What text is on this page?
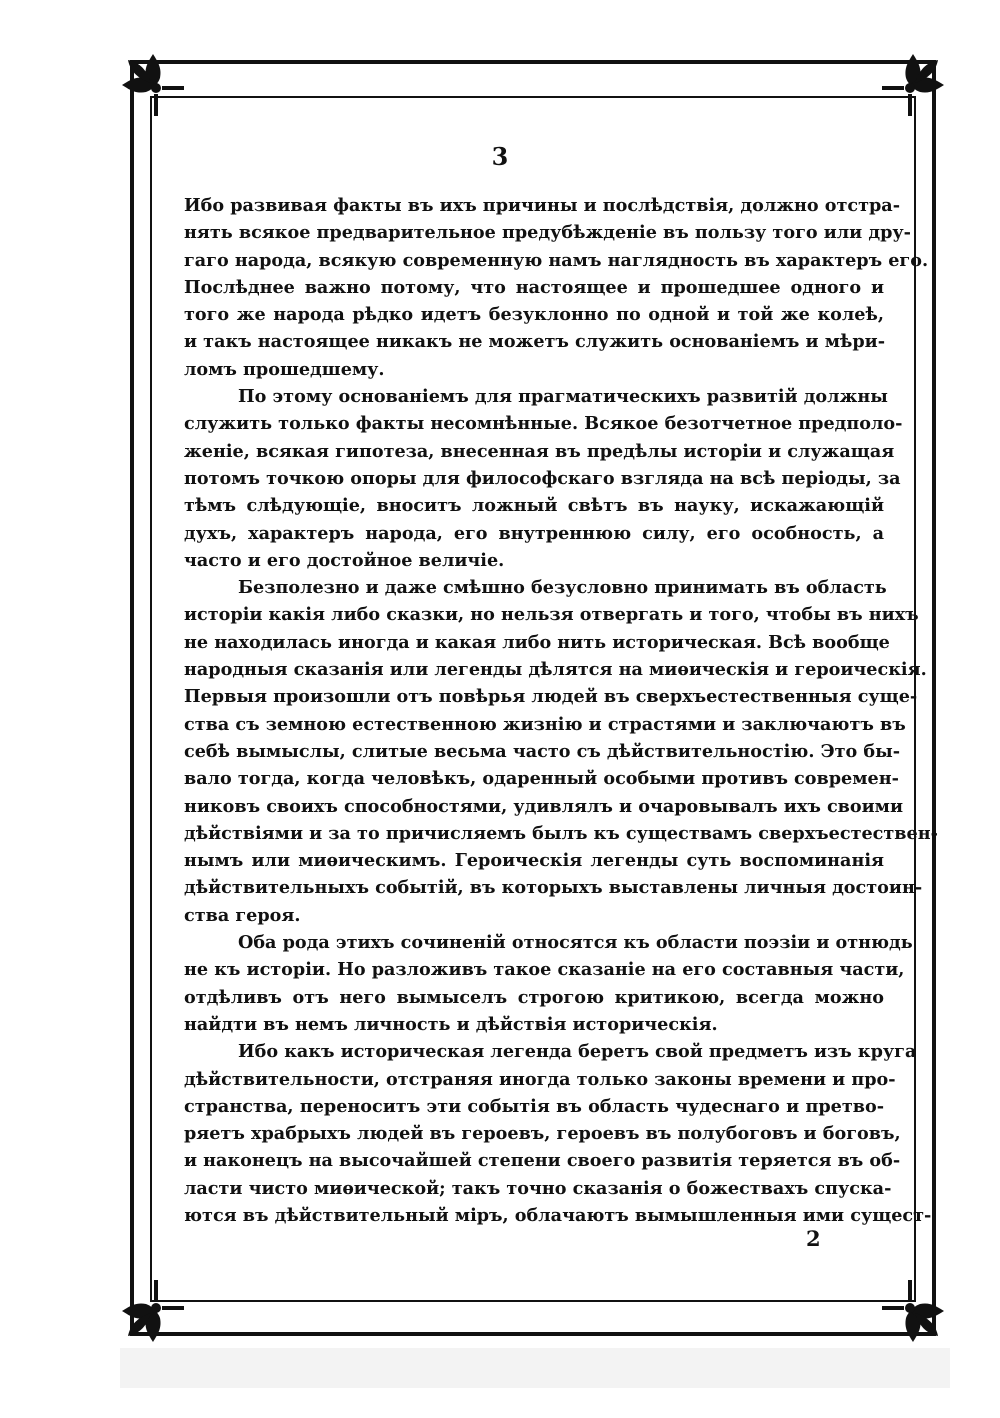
3
Ибо развивая факты въ ихъ причины и послѣдствія, должно отстра-
нять всякое предварительное предубѣжденіе въ пользу того или дру-
гаго народа, всякую современную намъ наглядность въ характеръ его.
Послѣднее важно потому, что настоящее и прошедшее одного и
того же народа рѣдко идетъ безуклонно по одной и той же колеѣ,
и такъ настоящее никакъ не можетъ служить основаніемъ и мѣри-
ломъ прошедшему.
По этому основаніемъ для прагматическихъ развитій должны
служить только факты несомнѣнные. Всякое безотчетное предполо-
женіе, всякая гипотеза, внесенная въ предѣлы исторіи и служащая
потомъ точкою опоры для философскаго взгляда на всѣ періоды, за
тѣмъ слѣдующіе, вноситъ ложный свѣтъ въ науку, искажающій
духъ, характеръ народа, его внутреннюю силу, его особность, а
часто и его достойное величіе.
Безполезно и даже смѣшно безусловно принимать въ область
исторіи какія либо сказки, но нельзя отвергать и того, чтобы въ нихъ
не находилась иногда и какая либо нить историческая. Всѣ вообще
народныя сказанія или легенды дѣлятся на миѳическія и героическія.
Первыя произошли отъ повѣрья людей въ сверхъестественныя суще-
ства съ земною естественною жизнію и страстями и заключаютъ въ
себѣ вымыслы, слитые весьма часто съ дѣйствительностію. Это бы-
вало тогда, когда человѣкъ, одаренный особыми противъ современ-
никовъ своихъ способностями, удивлялъ и очаровывалъ ихъ своими
дѣйствіями и за то причисляемъ былъ къ существамъ сверхъестествен-
нымъ или миѳическимъ. Героическія легенды суть воспоминанія
дѣйствительныхъ событій, въ которыхъ выставлены личныя достоин-
ства героя.
Оба рода этихъ сочиненій относятся къ области поэзіи и отнюдь
не къ исторіи. Но разложивъ такое сказаніе на его составныя части,
отдѣливъ отъ него вымыселъ строгою критикою, всегда можно
найдти въ немъ личность и дѣйствія историческія.
Ибо какъ историческая легенда беретъ свой предметъ изъ круга
дѣйствительности, отстраняя иногда только законы времени и про-
странства, переноситъ эти событія въ область чудеснаго и претво-
ряетъ храбрыхъ людей въ героевъ, героевъ въ полубоговъ и боговъ,
и наконецъ на высочайшей степени своего развитія теряется въ об-
ласти чисто миѳической; такъ точно сказанія о божествахъ спуска-
ются въ дѣйствительный міръ, облачаютъ вымышленныя ими сущест-
2
